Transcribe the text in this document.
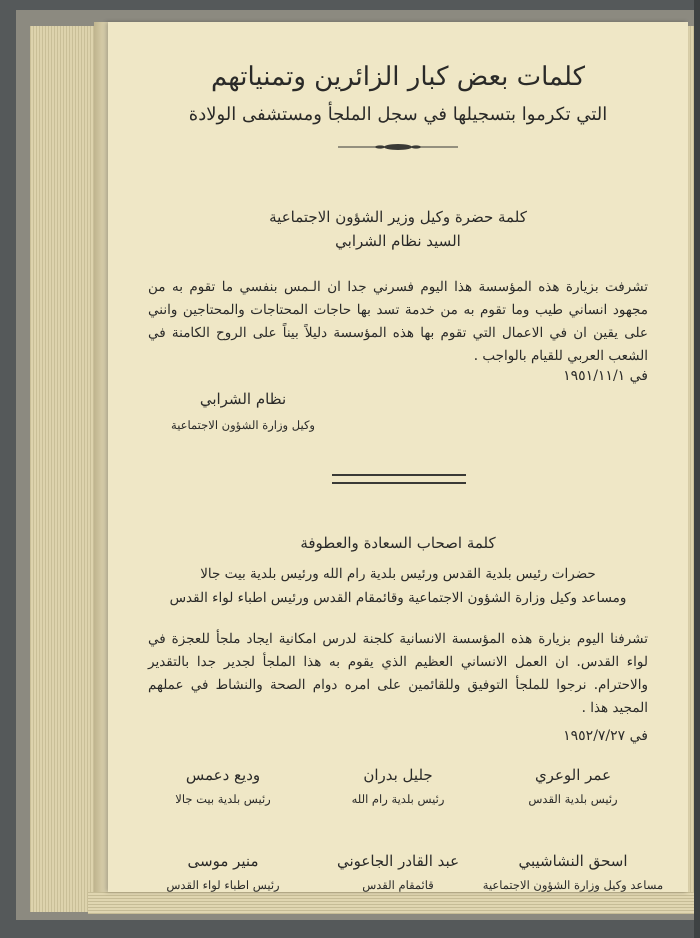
كلمات بعض كبار الزائرين وتمنياتهم
التي تكرموا بتسجيلها في سجل الملجأ ومستشفى الولادة
كلمة حضرة وكيل وزير الشؤون الاجتماعية
السيد نظام الشرابي
تشرفت بزيارة هذه المؤسسة هذا اليوم فسرني جدا ان الـمس بنفسي ما تقوم به من مجهود انساني طيب وما تقوم به من خدمة تسد بها حاجات المحتاجات والمحتاجين وانني على يقين ان في الاعمال التي تقوم بها هذه المؤسسة دليلاً بيناً على الروح الكامنة في الشعب العربي للقيام بالواجب .
في ١٩٥١/١١/١
نظام الشرابي
وكيل وزارة الشؤون الاجتماعية
كلمة اصحاب السعادة والعطوفة
حضرات رئيس بلدية القدس ورئيس بلدية رام الله ورئيس بلدية بيت جالا
ومساعد وكيل وزارة الشؤون الاجتماعية وقائمقام القدس ورئيس اطباء لواء القدس
تشرفنا اليوم بزيارة هذه المؤسسة الانسانية كلجنة لدرس امكانية ايجاد ملجأ للعجزة في لواء القدس. ان العمل الانساني العظيم الذي يقوم به هذا الملجأ لجدير جدا بالتقدير والاحترام. نرجوا للملجأ التوفيق وللقائمين على امره دوام الصحة والنشاط في عملهم المجيد هذا .
في ١٩٥٢/٧/٢٧
عمر الوعري
رئيس بلدية القدس
جليل بدران
رئيس بلدية رام الله
وديع دعمس
رئيس بلدية بيت جالا
اسحق النشاشيبي
مساعد وكيل وزارة الشؤون الاجتماعية
عبد القادر الجاعوني
قائمقام القدس
منير موسى
رئيس اطباء لواء القدس
